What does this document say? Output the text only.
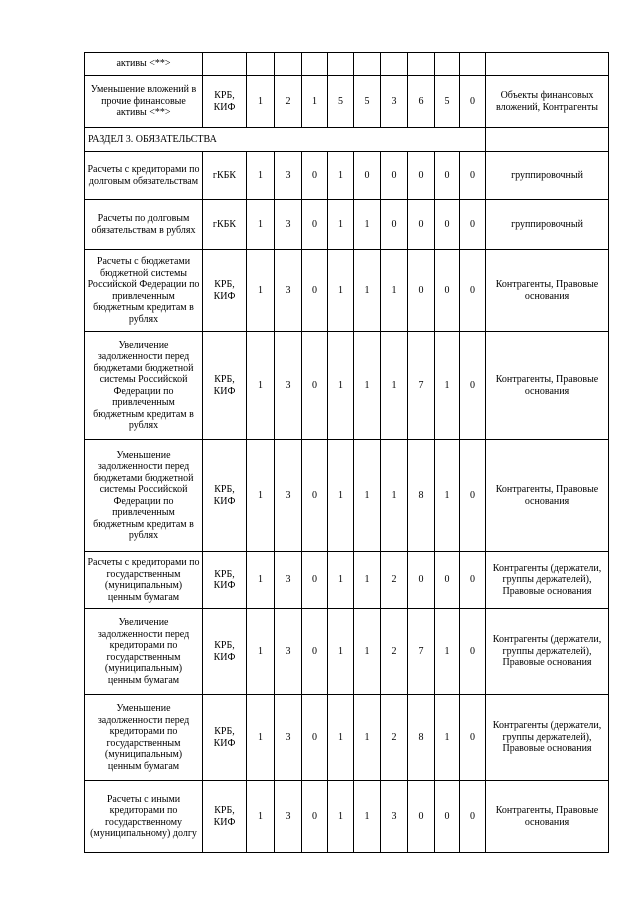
активы <**>											
Уменьшение вложений в прочие финансовые активы <**>	КРБ, КИФ	1	2	1	5	5	3	6	5	0	Объекты финансовых вложений, Контрагенты
РАЗДЕЛ 3. ОБЯЗАТЕЛЬСТВА											
Расчеты с кредиторами по долговым обязательствам	гКБК	1	3	0	1	0	0	0	0	0	группировочный
Расчеты по долговым обязательствам в рублях	гКБК	1	3	0	1	1	0	0	0	0	группировочный
Расчеты с бюджетами бюджетной системы Российской Федерации по привлеченным бюджетным кредитам в рублях	КРБ, КИФ	1	3	0	1	1	1	0	0	0	Контрагенты, Правовые основания
Увеличение задолженности перед бюджетами бюджетной системы Российской Федерации по привлеченным бюджетным кредитам в рублях	КРБ, КИФ	1	3	0	1	1	1	7	1	0	Контрагенты, Правовые основания
Уменьшение задолженности перед бюджетами бюджетной системы Российской Федерации по привлеченным бюджетным кредитам в рублях	КРБ, КИФ	1	3	0	1	1	1	8	1	0	Контрагенты, Правовые основания
Расчеты с кредиторами по государственным (муниципальным) ценным бумагам	КРБ, КИФ	1	3	0	1	1	2	0	0	0	Контрагенты (держатели, группы держателей), Правовые основания
Увеличение задолженности перед кредиторами по государственным (муниципальным) ценным бумагам	КРБ, КИФ	1	3	0	1	1	2	7	1	0	Контрагенты (держатели, группы держателей), Правовые основания
Уменьшение задолженности перед кредиторами по государственным (муниципальным) ценным бумагам	КРБ, КИФ	1	3	0	1	1	2	8	1	0	Контрагенты (держатели, группы держателей), Правовые основания
Расчеты с иными кредиторами по государственному (муниципальному) долгу	КРБ, КИФ	1	3	0	1	1	3	0	0	0	Контрагенты, Правовые основания
